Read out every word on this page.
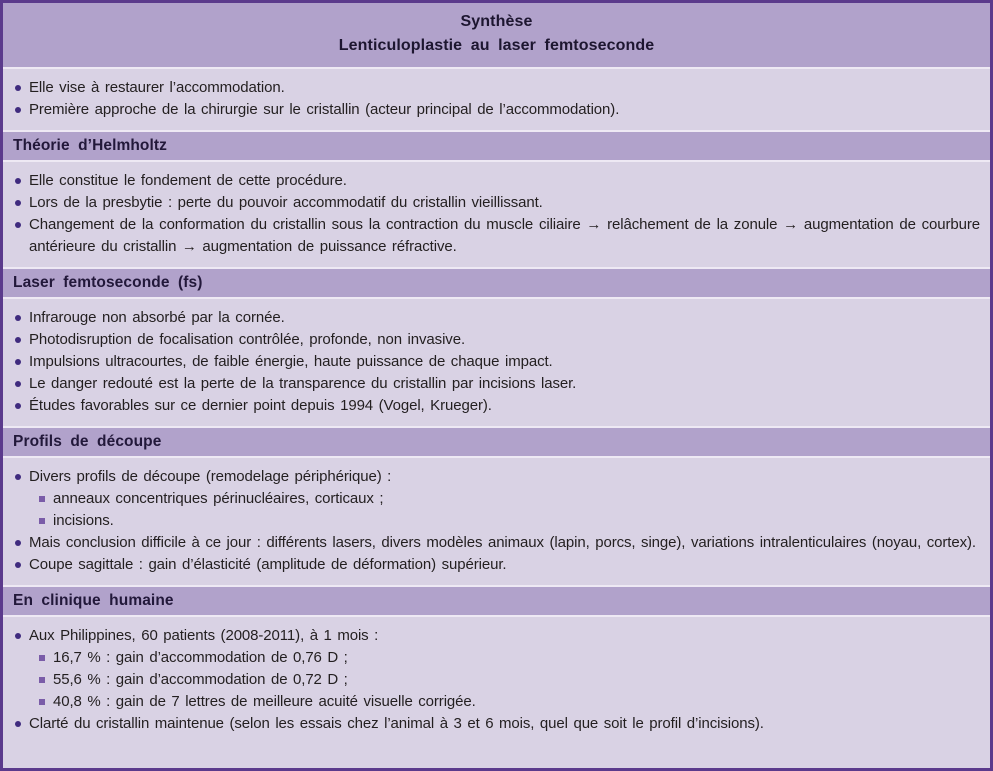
Synthèse
Lenticuloplastie au laser femtoseconde
Elle vise à restaurer l’accommodation.
Première approche de la chirurgie sur le cristallin (acteur principal de l’accommodation).
Théorie d’Helmholtz
Elle constitue le fondement de cette procédure.
Lors de la presbytie : perte du pouvoir accommodatif du cristallin vieillissant.
Changement de la conformation du cristallin sous la contraction du muscle ciliaire → relâchement de la zonule → augmentation de courbure antérieure du cristallin → augmentation de puissance réfractive.
Laser femtoseconde (fs)
Infrarouge non absorbé par la cornée.
Photodisruption de focalisation contrôlée, profonde, non invasive.
Impulsions ultracourtes, de faible énergie, haute puissance de chaque impact.
Le danger redouté est la perte de la transparence du cristallin par incisions laser.
Études favorables sur ce dernier point depuis 1994 (Vogel, Krueger).
Profils de découpe
Divers profils de découpe (remodelage périphérique) :
anneaux concentriques périnucléaires, corticaux ;
incisions.
Mais conclusion difficile à ce jour : différents lasers, divers modèles animaux (lapin, porcs, singe), variations intralenticulaires (noyau, cortex).
Coupe sagittale : gain d’élasticité (amplitude de déformation) supérieur.
En clinique humaine
Aux Philippines, 60 patients (2008-2011), à 1 mois :
16,7 % : gain d’accommodation de 0,76 D ;
55,6 % : gain d’accommodation de 0,72 D ;
40,8 % : gain de 7 lettres de meilleure acuité visuelle corrigée.
Clarté du cristallin maintenue (selon les essais chez l’animal à 3 et 6 mois, quel que soit le profil d’incisions).
